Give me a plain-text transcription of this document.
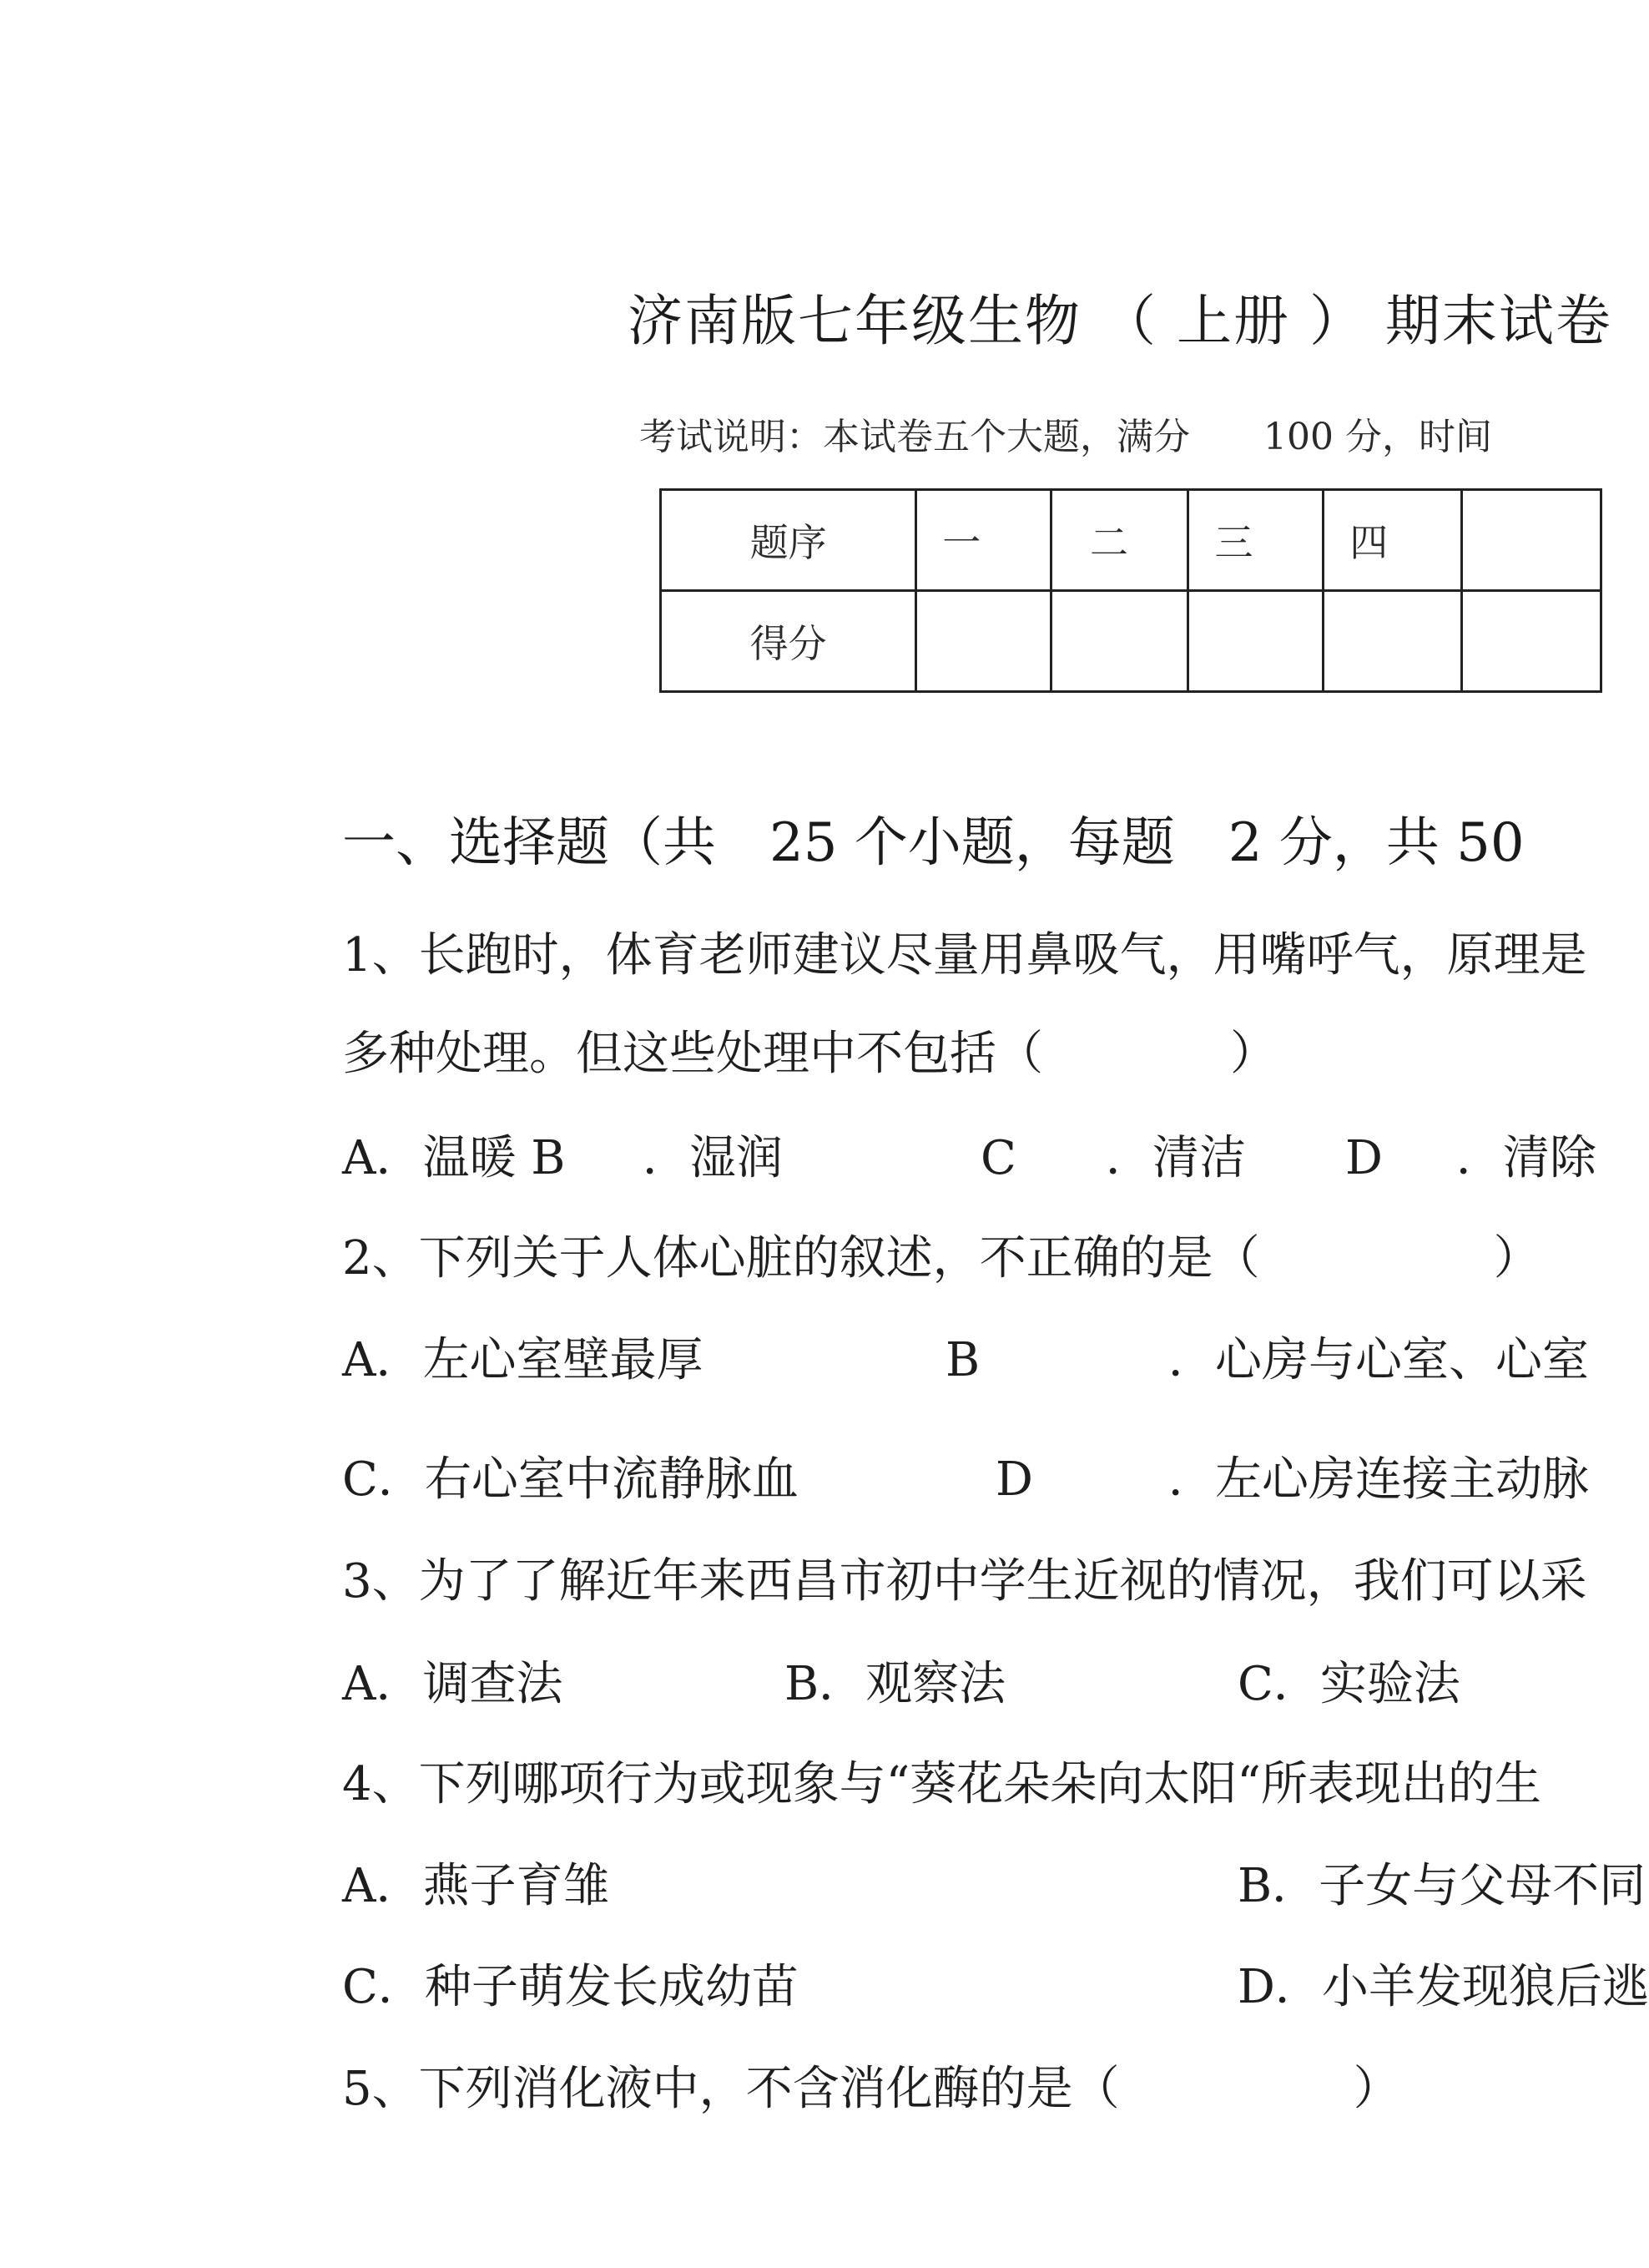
济南版七年级生物 （ 上册 ） 期末试卷
考试说明：本试卷五个大题，满分　　100 分，时间
题序	一	二	三	四	
得分					
一、选择题（共　25 个小题，每题　2 分，共 50
1、长跑时，体育老师建议尽量用鼻吸气，用嘴呼气，原理是
多种处理。但这些处理中不包括（　　　　）
A．温暖 B ．湿润	C ．清洁 D ．清除
2、下列关于人体心脏的叙述，不正确的是（　　　　　）
A．左心室壁最厚	B	．心房与心室、心室
C．右心室中流静脉血	D	．左心房连接主动脉
3、为了了解近年来西昌市初中学生近视的情况，我们可以采
A．调查法	B．观察法	C．实验法
4、下列哪项行为或现象与“葵花朵朵向太阳“所表现出的生
A．燕子育雏	B．子女与父母不同
C．种子萌发长成幼苗	D．小羊发现狼后逃
5、下列消化液中，不含消化酶的是（　　　　　）
